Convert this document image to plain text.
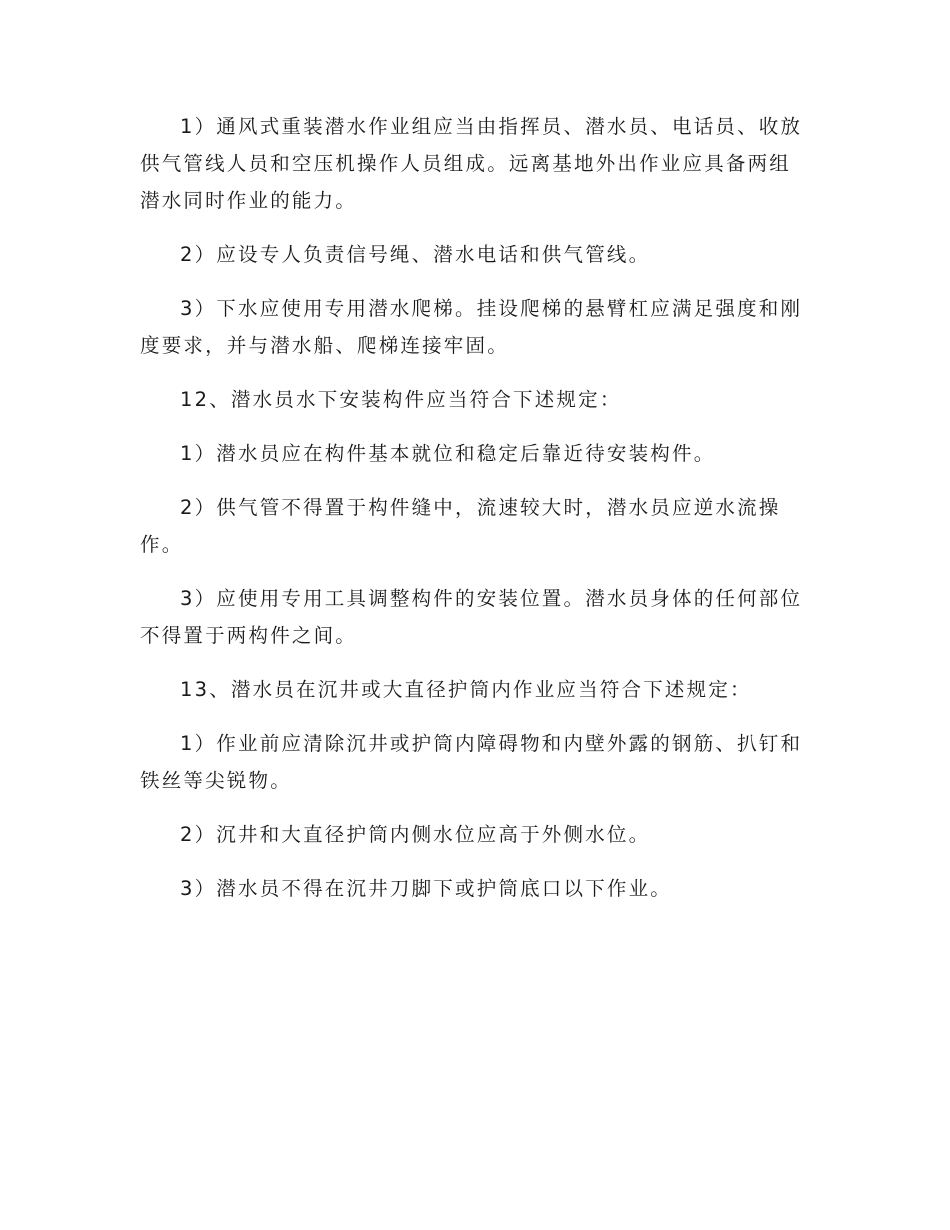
1）通风式重装潜水作业组应当由指挥员、潜水员、电话员、收放供气管线人员和空压机操作人员组成。远离基地外出作业应具备两组潜水同时作业的能力。

2）应设专人负责信号绳、潜水电话和供气管线。

3）下水应使用专用潜水爬梯。挂设爬梯的悬臂杠应满足强度和刚度要求，并与潜水船、爬梯连接牢固。

12、潜水员水下安装构件应当符合下述规定：

1）潜水员应在构件基本就位和稳定后靠近待安装构件。

2）供气管不得置于构件缝中，流速较大时，潜水员应逆水流操作。

3）应使用专用工具调整构件的安装位置。潜水员身体的任何部位不得置于两构件之间。

13、潜水员在沉井或大直径护筒内作业应当符合下述规定：

1）作业前应清除沉井或护筒内障碍物和内壁外露的钢筋、扒钉和铁丝等尖锐物。

2）沉井和大直径护筒内侧水位应高于外侧水位。

3）潜水员不得在沉井刀脚下或护筒底口以下作业。
